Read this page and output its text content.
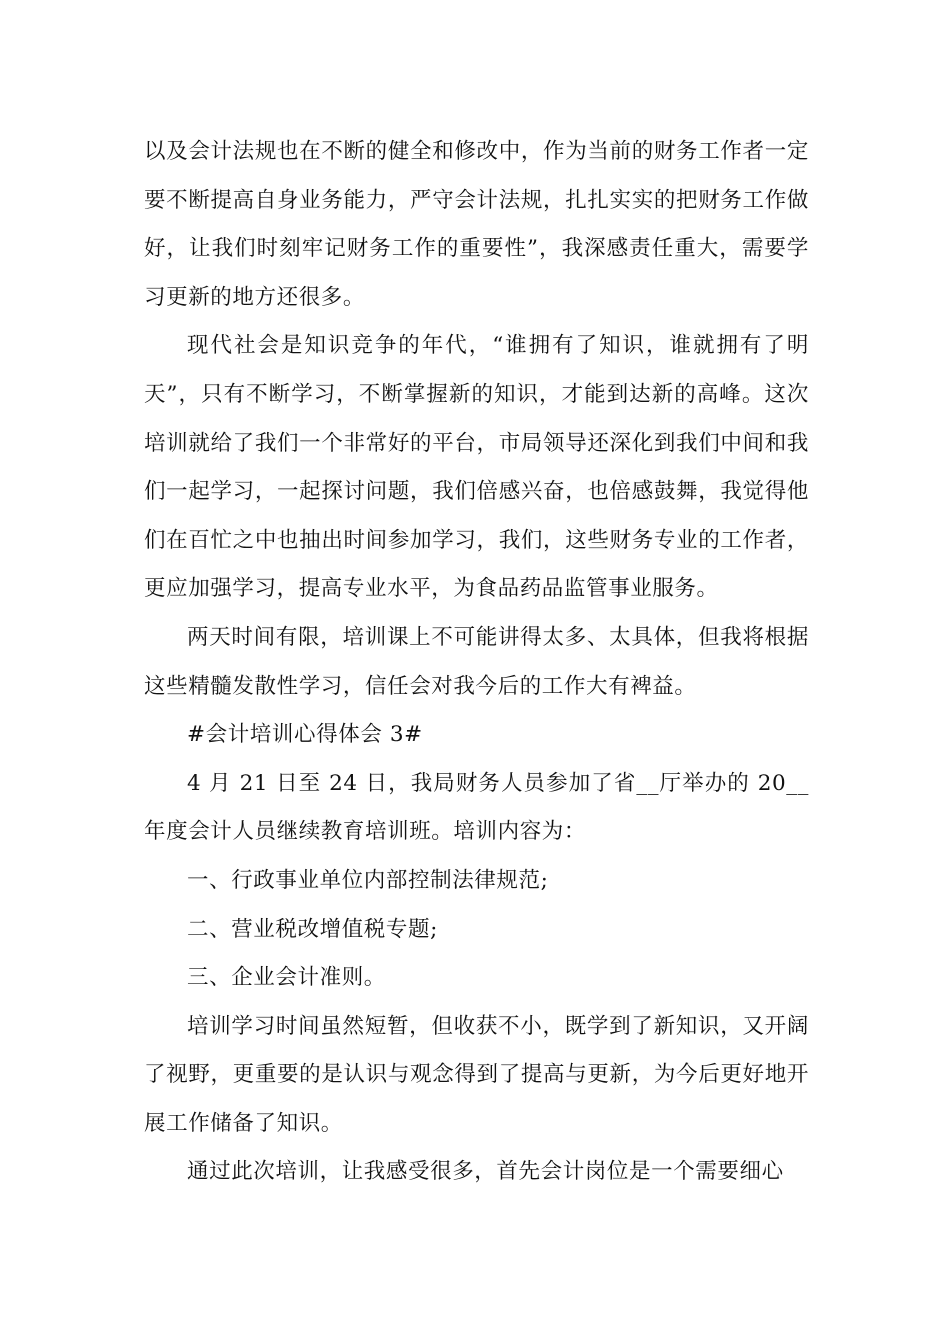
以及会计法规也在不断的健全和修改中，作为当前的财务工作者一定要不断提高自身业务能力，严守会计法规，扎扎实实的把财务工作做好，让我们时刻牢记财务工作的重要性”，我深感责任重大，需要学习更新的地方还很多。

现代社会是知识竞争的年代，“谁拥有了知识，谁就拥有了明天”，只有不断学习，不断掌握新的知识，才能到达新的高峰。这次培训就给了我们一个非常好的平台，市局领导还深化到我们中间和我们一起学习，一起探讨问题，我们倍感兴奋，也倍感鼓舞，我觉得他们在百忙之中也抽出时间参加学习，我们，这些财务专业的工作者，更应加强学习，提高专业水平，为食品药品监管事业服务。

两天时间有限，培训课上不可能讲得太多、太具体，但我将根据这些精髓发散性学习，信任会对我今后的工作大有裨益。

#会计培训心得体会 3#

4 月 21 日至 24 日，我局财务人员参加了省__厅举办的 20__年度会计人员继续教育培训班。培训内容为：

一、行政事业单位内部控制法律规范;

二、营业税改增值税专题;

三、企业会计准则。

培训学习时间虽然短暂，但收获不小，既学到了新知识，又开阔了视野，更重要的是认识与观念得到了提高与更新，为今后更好地开展工作储备了知识。

通过此次培训，让我感受很多，首先会计岗位是一个需要细心
